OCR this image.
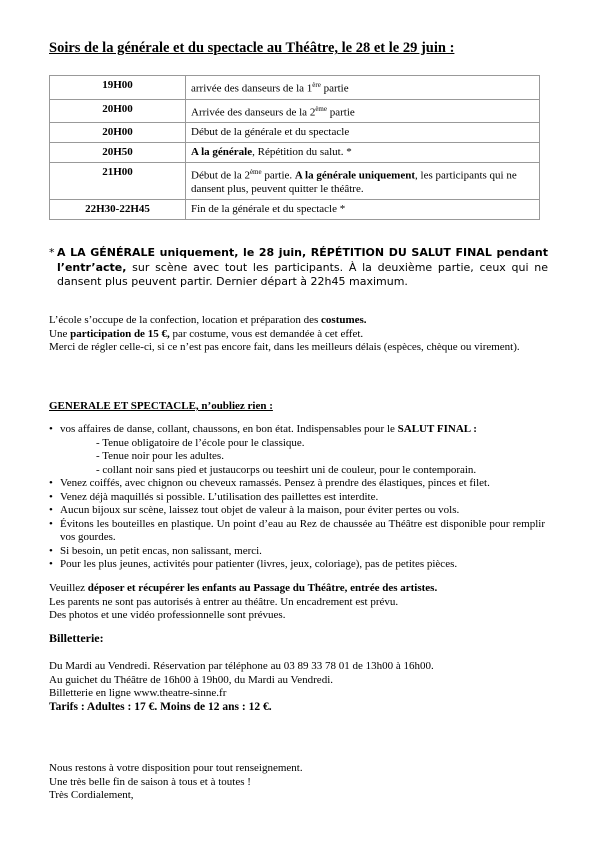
Soirs de la générale et du spectacle au Théâtre, le 28 et le 29 juin :
19H00	arrivée des danseurs de la 1ère partie
20H00	Arrivée des danseurs de la 2ème partie
20H00	Début de la générale et du spectacle
20H50	A la générale, Répétition du salut. *
21H00	Début de la 2ème partie. A la générale uniquement, les participants qui ne dansent plus, peuvent quitter le théâtre.
22H30-22H45	Fin de la générale et du spectacle *
* A LA GÉNÉRALE uniquement, le 28 juin, RÉPÉTITION DU SALUT FINAL pendant l’entr’acte, sur scène avec tout les participants. À la deuxième partie, ceux qui ne dansent plus peuvent partir. Dernier départ à 22h45 maximum.
L’école s’occupe de la confection, location et préparation des costumes.
Une participation de 15 €, par costume, vous est demandée à cet effet.
Merci de régler celle-ci, si ce n’est pas encore fait, dans les meilleurs délais (espèces, chèque ou virement).
GENERALE ET SPECTACLE, n’oubliez rien :
• vos affaires de danse, collant, chaussons, en bon état. Indispensables pour le SALUT FINAL :
- Tenue obligatoire de l’école pour le classique.
- Tenue noir pour les adultes.
- collant noir sans pied et justaucorps ou teeshirt uni de couleur, pour le contemporain.
• Venez coiffés, avec chignon ou cheveux ramassés. Pensez à prendre des élastiques, pinces et filet.
• Venez déjà maquillés si possible. L’utilisation des paillettes est interdite.
• Aucun bijoux sur scène, laissez tout objet de valeur à la maison, pour éviter pertes ou vols.
• Évitons les bouteilles en plastique. Un point d’eau au Rez de chaussée au Théâtre est disponible pour remplir vos gourdes.
• Si besoin, un petit encas, non salissant, merci.
• Pour les plus jeunes, activités pour patienter (livres, jeux, coloriage), pas de petites pièces.
Veuillez déposer et récupérer les enfants au Passage du Théâtre, entrée des artistes.
Les parents ne sont pas autorisés à entrer au théâtre. Un encadrement est prévu.
Des photos et une vidéo professionnelle sont prévues.
Billetterie:
Du Mardi au Vendredi. Réservation par téléphone au 03 89 33 78 01 de 13h00 à 16h00.
Au guichet du Théâtre de 16h00 à 19h00, du Mardi au Vendredi.
Billetterie en ligne www.theatre-sinne.fr
Tarifs : Adultes : 17 €. Moins de 12 ans : 12 €.
Nous restons à votre disposition pour tout renseignement.
Une très belle fin de saison à tous et à toutes !
Très Cordialement,
